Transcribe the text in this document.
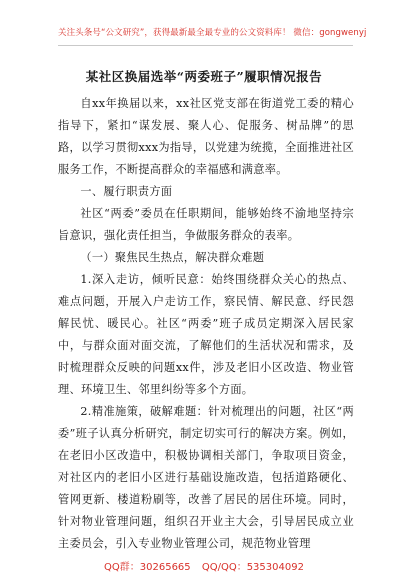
关注头条号“公文研究”，获得最新最全最专业的公文资料库！ 微信：gongwenyj
某社区换届选举“两委班子”履职情况报告

自xx年换届以来，xx社区党支部在街道党工委的精心指导下，紧扣“谋发展、聚人心、促服务、树品牌”的思路，以学习贯彻xxx为指导，以党建为统揽，全面推进社区服务工作，不断提高群众的幸福感和满意率。

一、履行职责方面

社区“两委”委员在任职期间，能够始终不渝地坚持宗旨意识，强化责任担当，争做服务群众的表率。

（一）聚焦民生热点，解决群众难题

1.深入走访，倾听民意：始终围绕群众关心的热点、难点问题，开展入户走访工作，察民情、解民意、纾民怨解民忧、暖民心。社区“两委”班子成员定期深入居民家中，与群众面对面交流，了解他们的生活状况和需求，及时梳理群众反映的问题xx件，涉及老旧小区改造、物业管理、环境卫生、邻里纠纷等多个方面。

2.精准施策，破解难题：针对梳理出的问题，社区“两委”班子认真分析研究，制定切实可行的解决方案。例如，在老旧小区改造中，积极协调相关部门，争取项目资金，对社区内的老旧小区进行基础设施改造，包括道路硬化、管网更新、楼道粉刷等，改善了居民的居住环境。同时，针对物业管理问题，组织召开业主大会，引导居民成立业主委员会，引入专业物业管理公司，规范物业管理

QQ群：30265665 QQ/QQ：535304092
